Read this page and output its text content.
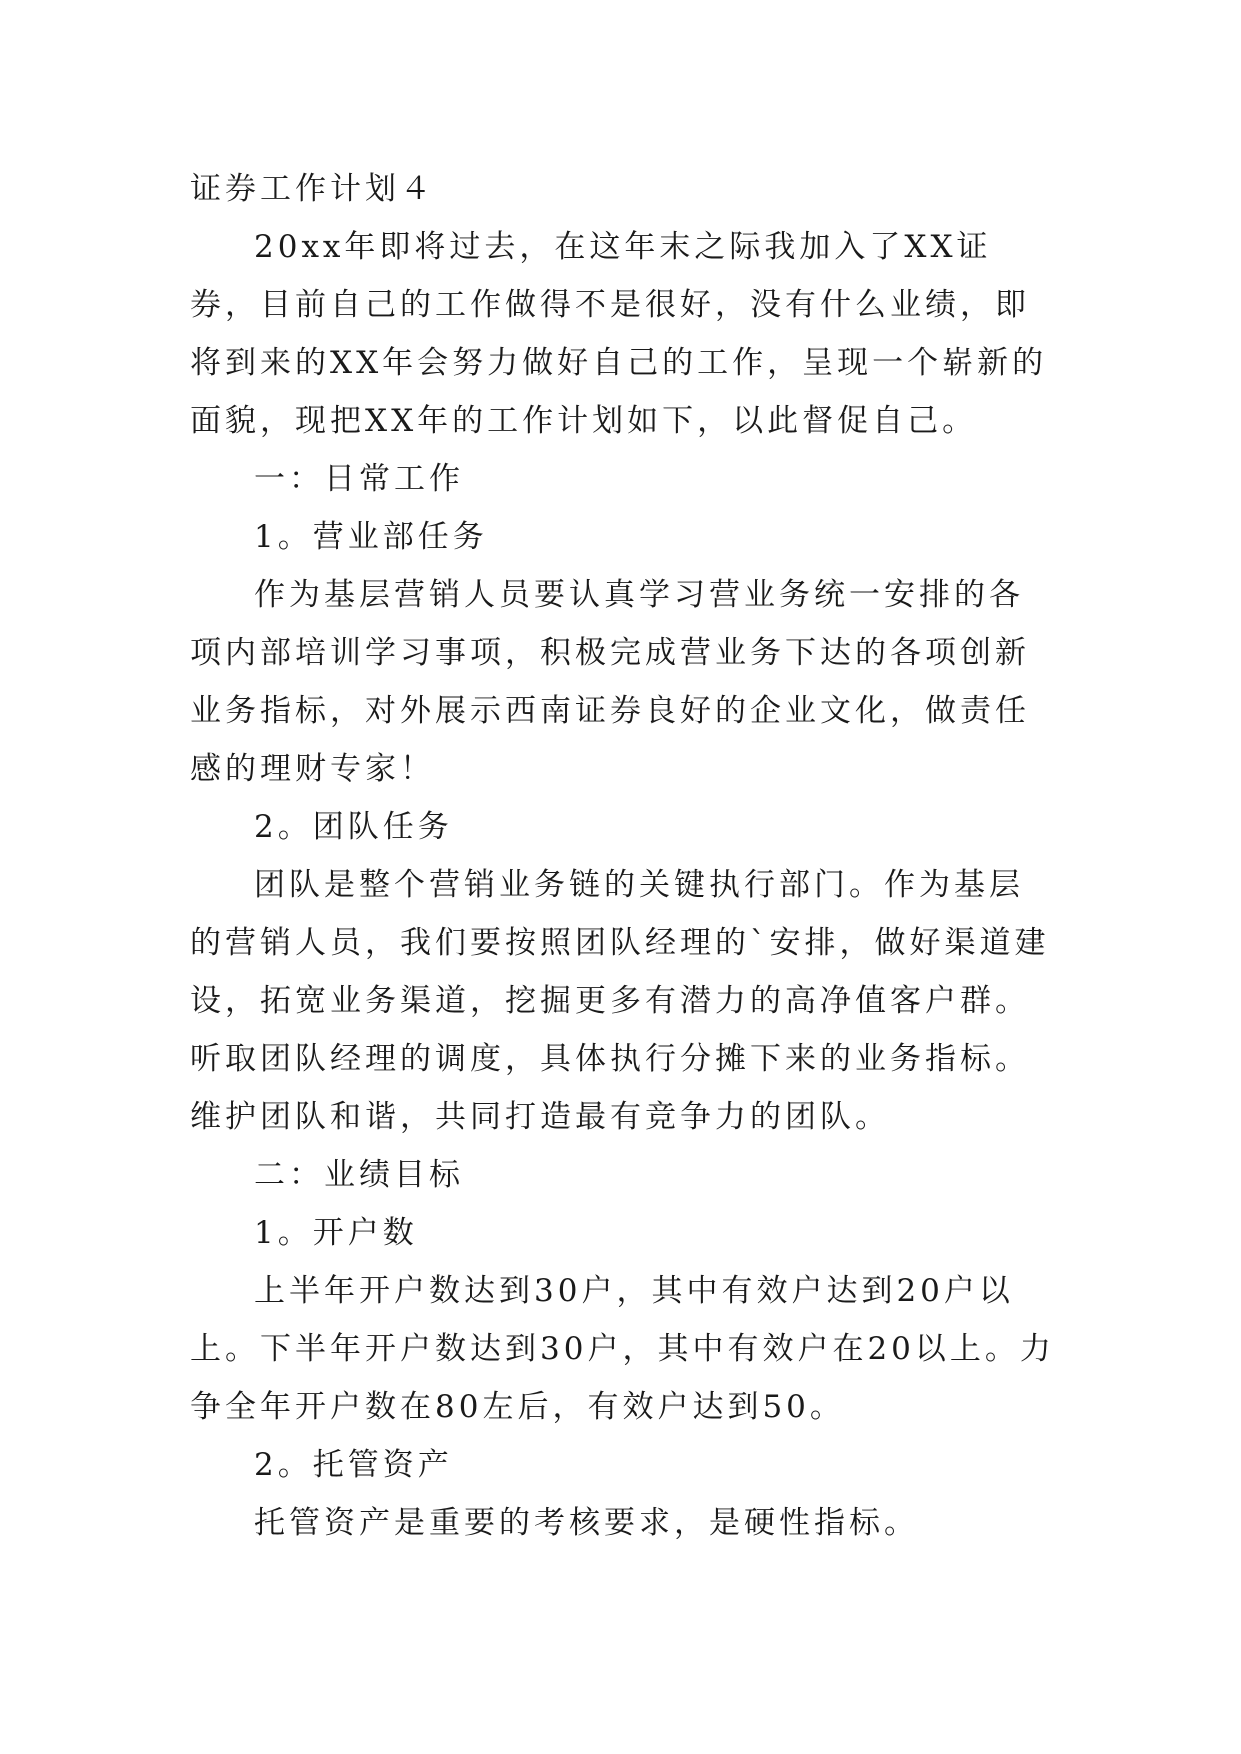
证券工作计划４

20xx年即将过去，在这年末之际我加入了XX证券，目前自己的工作做得不是很好，没有什么业绩，即将到来的XX年会努力做好自己的工作，呈现一个崭新的面貌，现把XX年的工作计划如下，以此督促自己。

一：日常工作

1。营业部任务

作为基层营销人员要认真学习营业务统一安排的各项内部培训学习事项，积极完成营业务下达的各项创新业务指标，对外展示西南证券良好的企业文化，做责任感的理财专家！

2。团队任务

团队是整个营销业务链的关键执行部门。作为基层的营销人员，我们要按照团队经理的`安排，做好渠道建设，拓宽业务渠道，挖掘更多有潜力的高净值客户群。听取团队经理的调度，具体执行分摊下来的业务指标。维护团队和谐，共同打造最有竞争力的团队。

二：业绩目标

1。开户数

上半年开户数达到30户，其中有效户达到20户以上。下半年开户数达到30户，其中有效户在20以上。力争全年开户数在80左后，有效户达到50。

2。托管资产

托管资产是重要的考核要求，是硬性指标。
